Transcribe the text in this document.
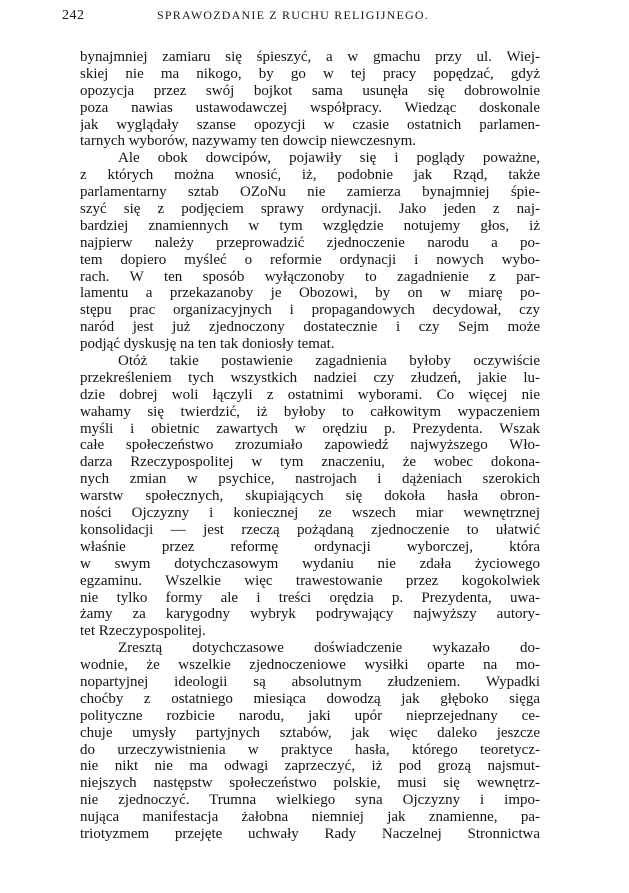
242	SPRAWOZDANIE Z RUCHU RELIGIJNEGO.
bynajmniej zamiaru się śpieszyć, a w gmachu przy ul. Wiej-
skiej nie ma nikogo, by go w tej pracy popędzać, gdyż
opozycja przez swój bojkot sama usunęła się dobrowolnie
poza nawias ustawodawczej współpracy. Wiedząc doskonale
jak wyglądały szanse opozycji w czasie ostatnich parlamen-
tarnych wyborów, nazywamy ten dowcip niewczesnym.
Ale obok dowcipów, pojawiły się i poglądy poważne,
z których można wnosić, iż, podobnie jak Rząd, także
parlamentarny sztab OZoNu nie zamierza bynajmniej śpie-
szyć się z podjęciem sprawy ordynacji. Jako jeden z naj-
bardziej znamiennych w tym względzie notujemy głos, iż
najpierw należy przeprowadzić zjednoczenie narodu a po-
tem dopiero myśleć o reformie ordynacji i nowych wybo-
rach. W ten sposób wyłączonoby to zagadnienie z par-
lamentu a przekazanoby je Obozowi, by on w miarę po-
stępu prac organizacyjnych i propagandowych decydował, czy
naród jest już zjednoczony dostatecznie i czy Sejm może
podjąć dyskusję na ten tak doniosły temat.
Otóż takie postawienie zagadnienia byłoby oczywiście
przekreśleniem tych wszystkich nadziei czy złudzeń, jakie lu-
dzie dobrej woli łączyli z ostatnimi wyborami. Co więcej nie
wahamy się twierdzić, iż byłoby to całkowitym wypaczeniem
myśli i obietnic zawartych w orędziu p. Prezydenta. Wszak
całe społeczeństwo zrozumiało zapowiedź najwyższego Wło-
darza Rzeczypospolitej w tym znaczeniu, że wobec dokona-
nych zmian w psychice, nastrojach i dążeniach szerokich
warstw społecznych, skupiających się dokoła hasła obron-
ności Ojczyzny i koniecznej ze wszech miar wewnętrznej
konsolidacji — jest rzeczą pożądaną zjednoczenie to ułatwić
właśnie przez reformę ordynacji wyborczej, która
w swym dotychczasowym wydaniu nie zdała życiowego
egzaminu. Wszelkie więc trawestowanie przez kogokolwiek
nie tylko formy ale i treści orędzia p. Prezydenta, uwa-
żamy za karygodny wybryk podrywający najwyższy autory-
tet Rzeczypospolitej.
Zresztą dotychczasowe doświadczenie wykazało do-
wodnie, że wszelkie zjednoczeniowe wysiłki oparte na mo-
nopartyjnej ideologii są absolutnym złudzeniem. Wypadki
choćby z ostatniego miesiąca dowodzą jak głęboko sięga
polityczne rozbicie narodu, jaki upór nieprzejednany ce-
chuje umysły partyjnych sztabów, jak więc daleko jeszcze
do urzeczywistnienia w praktyce hasła, którego teoretycz-
nie nikt nie ma odwagi zaprzeczyć, iż pod grozą najsmut-
niejszych następstw społeczeństwo polskie, musi się wewnętrz-
nie zjednoczyć. Trumna wielkiego syna Ojczyzny i impo-
nująca manifestacja żałobna niemniej jak znamienne, pa-
triotyzmem przejęte uchwały Rady Naczelnej Stronnictwa
